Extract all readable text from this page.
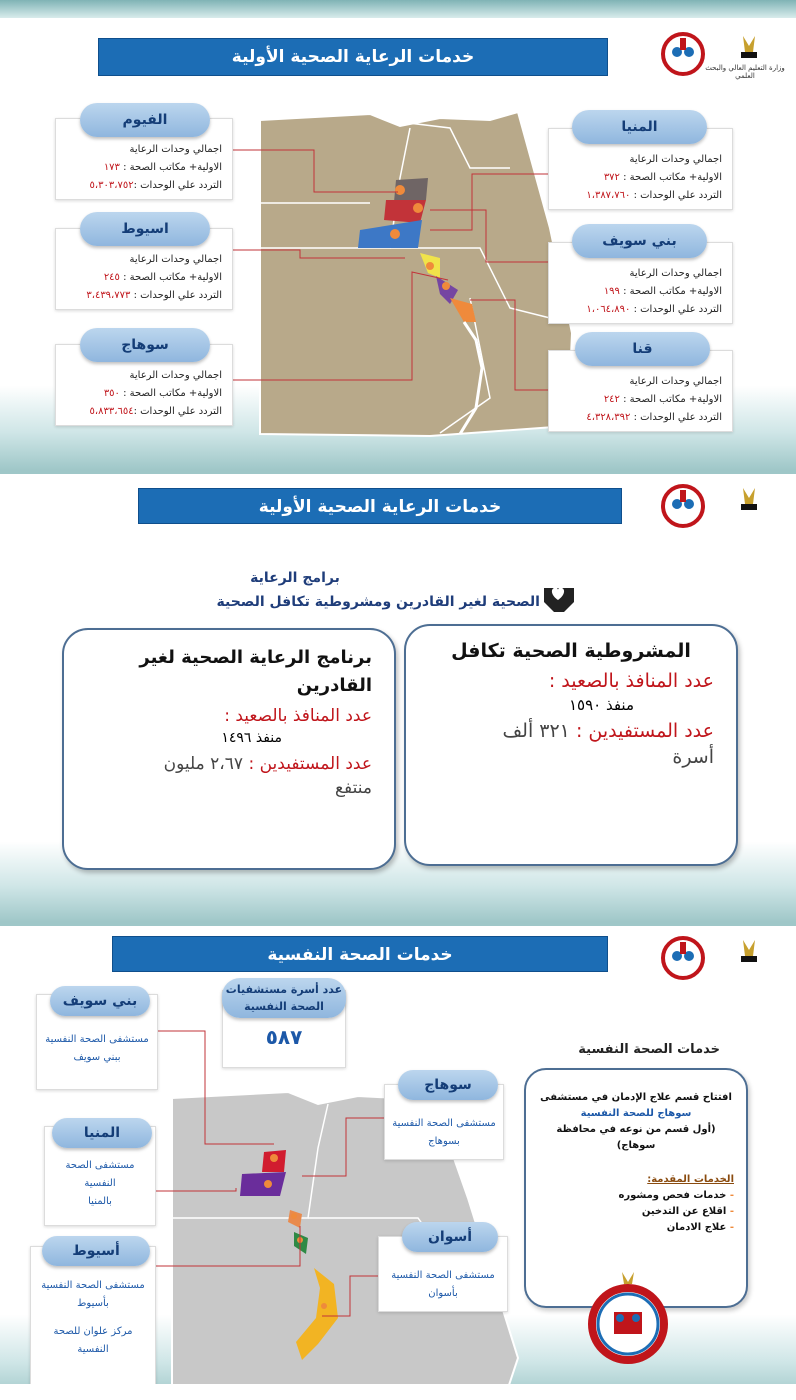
خدمات الرعاية الصحية الأولية
وزارة التعليم العالي والبحث العلمي
اجمالي وحدات الرعاية
الاولية+ مكاتب الصحة : ١٧٣
التردد علي الوحدات :٥،٣٠٣،٧٥٢
الفيوم
اجمالي وحدات الرعاية
الاولية+ مكاتب الصحة : ٣٧٢
التردد علي الوحدات : ١،٣٨٧،٧٦٠
المنيا
اجمالي وحدات الرعاية
الاولية+ مكاتب الصحة : ٢٤٥
التردد علي الوحدات : ٣،٤٣٩،٧٧٣
اسيوط
اجمالي وحدات الرعاية
الاولية+ مكاتب الصحة : ١٩٩
التردد علي الوحدات : ١،٠٦٤،٨٩٠
بني سويف
اجمالي وحدات الرعاية
الاولية+ مكاتب الصحة : ٣٥٠
التردد علي الوحدات :٥،٨٣٣،٦٥٤
سوهاج
اجمالي وحدات الرعاية
الاولية+ مكاتب الصحة : ٢٤٢
التردد علي الوحدات : ٤،٣٢٨،٣٩٢
قنا
خدمات الرعاية الصحية الأولية
برامج الرعاية
الصحية لغير القادرين ومشروطية تكافل الصحية
المشروطية الصحية تكافل
عدد المنافذ بالصعيد :
منفذ ١٥٩٠
عدد المستفيدين : ٣٢١ ألف
أسرة
برنامج الرعاية الصحية لغير القادرين
عدد المنافذ بالصعيد :
منفذ ١٤٩٦
عدد المستفيدين : ٢،٦٧ مليون
منتفع
خدمات الصحة النفسية
٥٨٧
عدد أسرة مستشفيات الصحة النفسية
مستشفى الصحة النفسية
ببني سويف
بني سويف
مستشفى الصحة
النفسية
بالمنيا
المنيا
مستشفى الصحة النفسية
بأسيوط
مركز علوان للصحة
النفسية
أسيوط
مستشفى الصحة النفسية
بسوهاج
سوهاج
مستشفى الصحة النفسية
بأسوان
أسوان
خدمات الصحة النفسية
افتتاح قسم علاج الإدمان في مستشفى
سوهاج للصحة النفسية
(أول قسم من نوعه في محافظة سوهاج)
الخدمات المقدمة:
- خدمات فحص ومشوره
- اقلاع عن التدخين
- علاج الادمان
